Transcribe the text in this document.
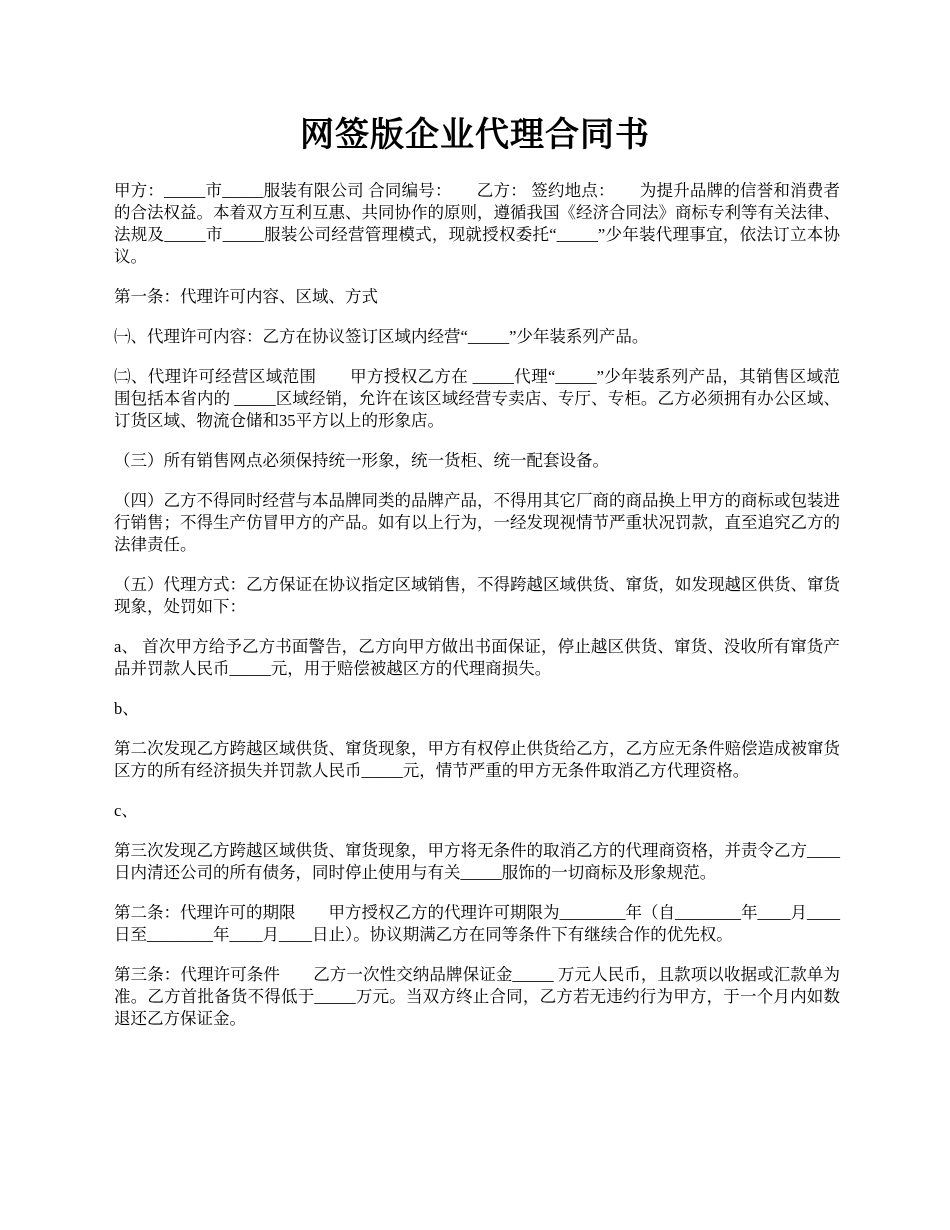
网签版企业代理合同书

甲方：_____市_____服装有限公司 合同编号：　　乙方： 签约地点：　　为提升品牌的信誉和消费者的合法权益。本着双方互利互惠、共同协作的原则，遵循我国《经济合同法》商标专利等有关法律、法规及_____市_____服装公司经营管理模式，现就授权委托“_____”少年装代理事宜，依法订立本协议。

第一条：代理许可内容、区域、方式

㈠、代理许可内容：乙方在协议签订区域内经营“_____”少年装系列产品。

㈡、代理许可经营区域范围　　甲方授权乙方在 _____代理“_____”少年装系列产品，其销售区域范围包括本省内的 _____区域经销，允许在该区域经营专卖店、专厅、专柜。乙方必须拥有办公区域、订货区域、物流仓储和35平方以上的形象店。

（三）所有销售网点必须保持统一形象，统一货柜、统一配套设备。

（四）乙方不得同时经营与本品牌同类的品牌产品，不得用其它厂商的商品换上甲方的商标或包装进行销售；不得生产仿冒甲方的产品。如有以上行为，一经发现视情节严重状况罚款，直至追究乙方的法律责任。

（五）代理方式：乙方保证在协议指定区域销售，不得跨越区域供货、窜货，如发现越区供货、窜货现象，处罚如下：

a、 首次甲方给予乙方书面警告，乙方向甲方做出书面保证，停止越区供货、窜货、没收所有窜货产品并罚款人民币_____元，用于赔偿被越区方的代理商损失。

b、

第二次发现乙方跨越区域供货、窜货现象，甲方有权停止供货给乙方，乙方应无条件赔偿造成被窜货区方的所有经济损失并罚款人民币_____元，情节严重的甲方无条件取消乙方代理资格。

c、

第三次发现乙方跨越区域供货、窜货现象，甲方将无条件的取消乙方的代理商资格，并责令乙方____日内清还公司的所有债务，同时停止使用与有关_____服饰的一切商标及形象规范。

第二条：代理许可的期限　　甲方授权乙方的代理许可期限为________年（自________年____月____日至________年____月____日止）。协议期满乙方在同等条件下有继续合作的优先权。

第三条：代理许可条件　　乙方一次性交纳品牌保证金_____ 万元人民币，且款项以收据或汇款单为准。乙方首批备货不得低于_____万元。当双方终止合同，乙方若无违约行为甲方，于一个月内如数退还乙方保证金。
